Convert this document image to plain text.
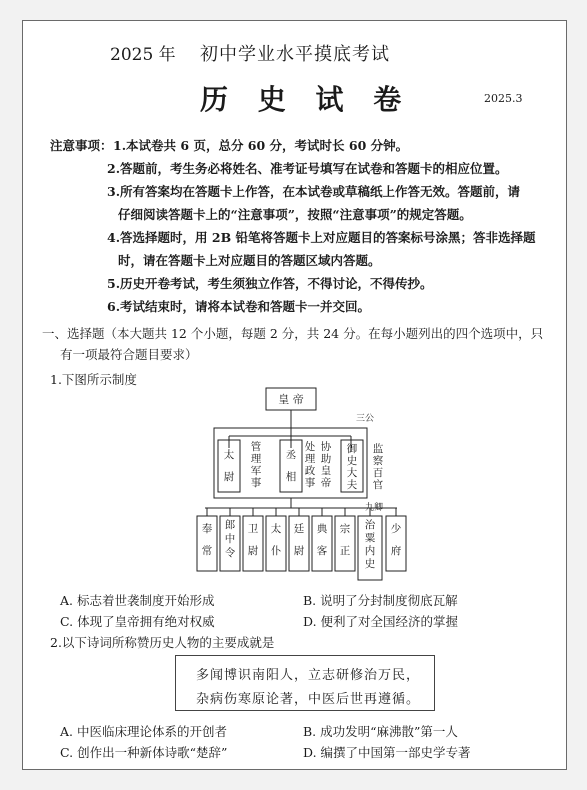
2025 年 初中学业水平摸底考试
历 史 试 卷	2025.3
注意事项： 1.本试卷共 6 页，总分 60 分，考试时长 60 分钟。
2.答题前，考生务必将姓名、准考证号填写在试卷和答题卡的相应位置。
3.所有答案均在答题卡上作答，在本试卷或草稿纸上作答无效。答题前，请
仔细阅读答题卡上的“注意事项”，按照“注意事项”的规定答题。
4.答选择题时，用 2B 铅笔将答题卡上对应题目的答案标号涂黑；答非选择题
时，请在答题卡上对应题目的答题区域内答题。
5.历史开卷考试，考生须独立作答，不得讨论，不得传抄。
6.考试结束时，请将本试卷和答题卡一并交回。
一、选择题（本大题共 12 个小题，每题 2 分，共 24 分。在每小题列出的四个选项中，只
有一项最符合题目要求）
1.下图所示制度
皇 帝
三公
九卿
太尉
管理军事
丞相
处理政事
协助皇帝
御史大夫
监察百官
奉常
郎中令
卫尉
太仆
廷尉
典客
宗正
治粟内史
少府
A. 标志着世袭制度开始形成	B. 说明了分封制度彻底瓦解
C. 体现了皇帝拥有绝对权威	D. 便利了对全国经济的掌握
2.以下诗词所称赞历史人物的主要成就是
多闻博识南阳人，立志研修治万民，
杂病伤寒原论著，中医后世再遵循。
A. 中医临床理论体系的开创者	B. 成功发明“麻沸散”第一人
C. 创作出一种新体诗歌“楚辞”	D. 编撰了中国第一部史学专著
